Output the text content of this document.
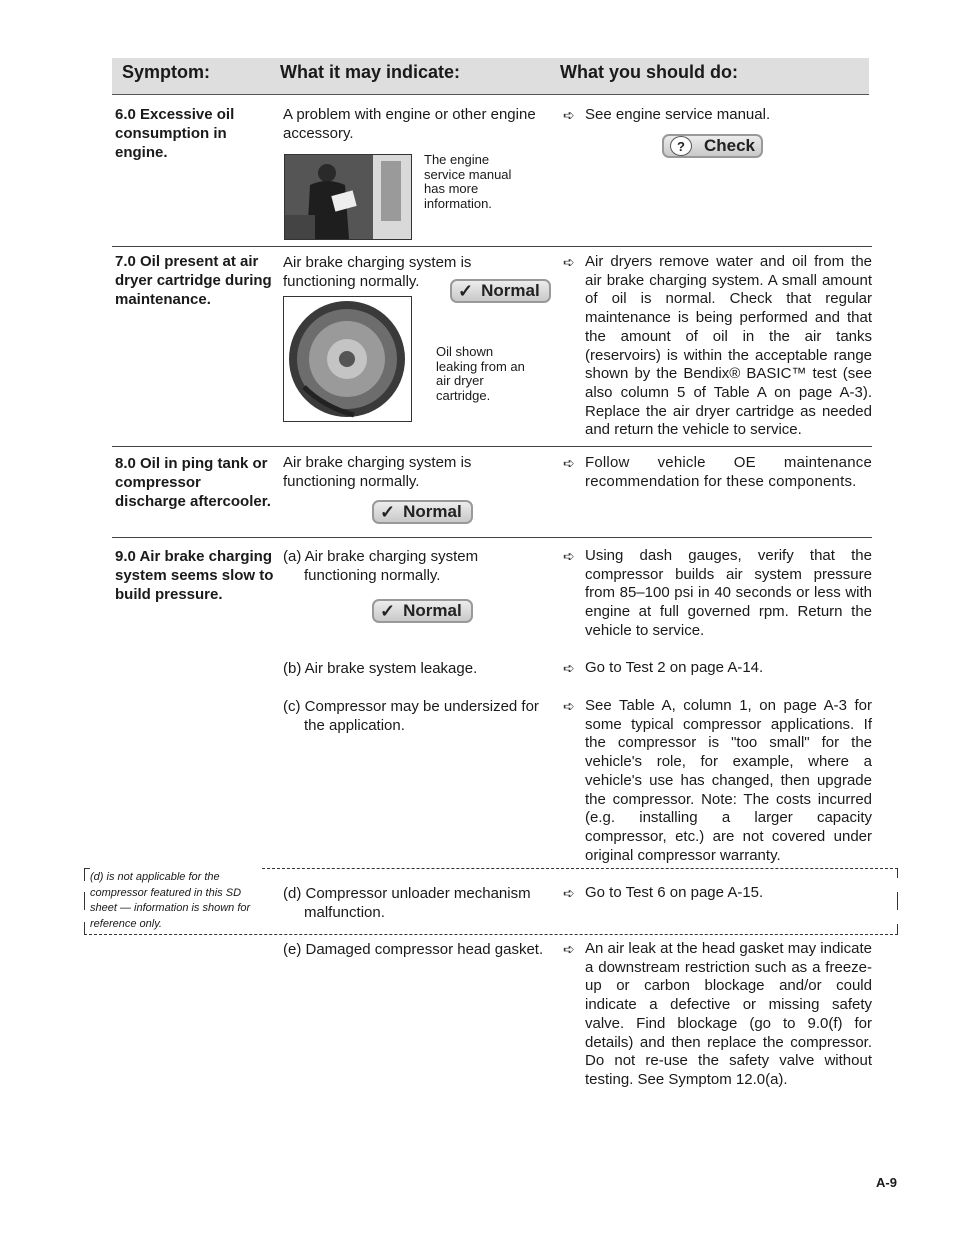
Symptom:	What it may indicate:	What you should do:
6.0 Excessive oil consumption in engine.
A problem with engine or other engine accessory.
The engine service manual has more information.
➪ See engine service manual.
?	Check
7.0 Oil present at air dryer cartridge during maintenance.
Air brake charging system is functioning normally.	✓ Normal
Oil shown leaking from an air dryer cartridge.
➪ Air dryers remove water and oil from the air brake charging system. A small amount of oil is normal. Check that regular maintenance is being performed and that the amount of oil in the air tanks (reservoirs) is within the acceptable range shown by the Bendix® BASIC™ test (see also column 5 of Table A on page A-3). Replace the air dryer cartridge as needed and return the vehicle to service.
8.0 Oil in ping tank or compressor discharge aftercooler.
Air brake charging system is functioning normally.
✓ Normal
➪ Follow vehicle OE maintenance recommendation for these components.
9.0 Air brake charging system seems slow to build pressure.
(a) Air brake charging system functioning normally.
✓ Normal
➪ Using dash gauges, verify that the compressor builds air system pressure from 85–100 psi in 40 seconds or less with engine at full governed rpm. Return the vehicle to service.
(b) Air brake system leakage.	➪ Go to Test 2 on page A-14.
(c) Compressor may be undersized for the application.
➪ See Table A, column 1, on page A-3 for some typical compressor applications. If the compressor is "too small" for the vehicle's role, for example, where a vehicle's use has changed, then upgrade the compressor. Note: The costs incurred (e.g. installing a larger capacity compressor, etc.) are not covered under original compressor warranty.
(d) is not applicable for the compressor featured in this SD sheet — information is shown for reference only.
(d) Compressor unloader mechanism malfunction.
➪ Go to Test 6 on page A-15.
(e) Damaged compressor head gasket. ➪ An air leak at the head gasket may indicate a downstream restriction such as a freeze-up or carbon blockage and/or could indicate a defective or missing safety valve. Find blockage (go to 9.0(f) for details) and then replace the compressor. Do not re-use the safety valve without testing. See Symptom 12.0(a).
A-9
